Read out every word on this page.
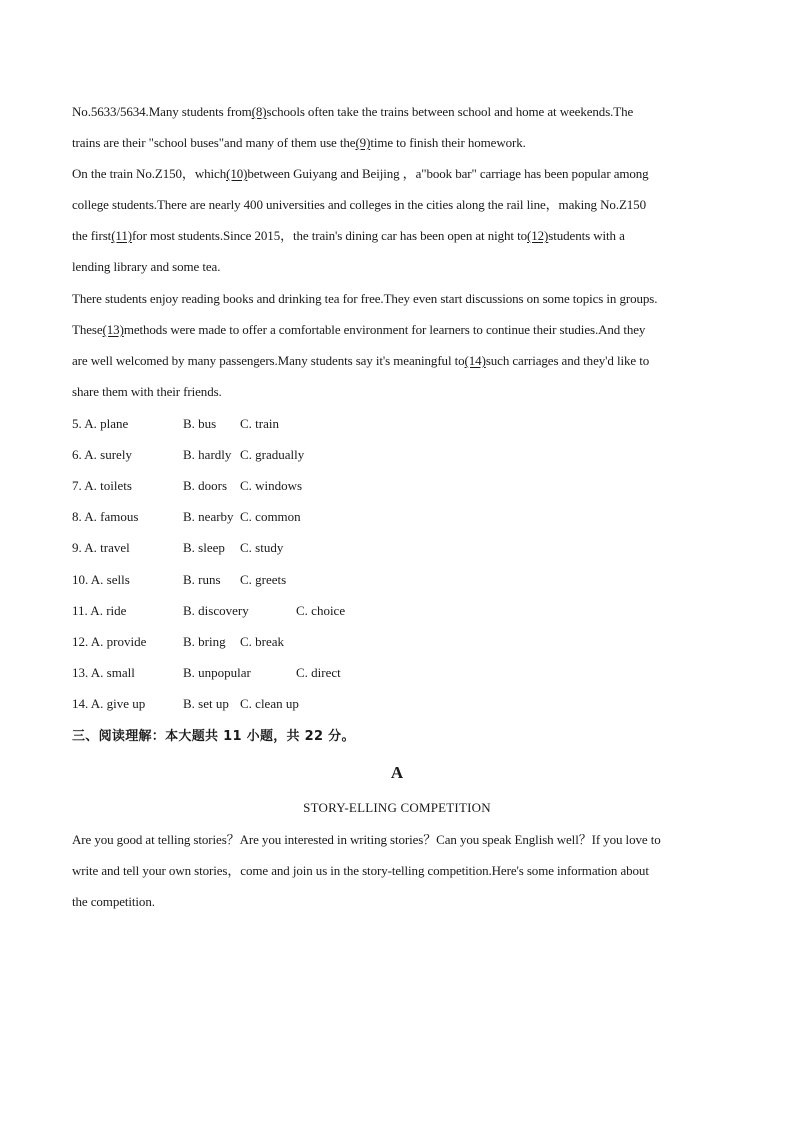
No.5633/5634.Many students from(8)schools often take the trains between school and home at weekends.The
trains are their "school buses"and many of them use the(9)time to finish their homework.
On the train No.Z150，which(10)between Guiyang and Beijing ，a"book bar" carriage has been popular among
college students.There are nearly 400 universities and colleges in the cities along the rail line，making No.Z150
the first(11)for most students.Since 2015，the train's dining car has been open at night to(12)students with a
lending library and some tea.
There students enjoy reading books and drinking tea for free.They even start discussions on some topics in groups.
These(13)methods were made to offer a comfortable environment for learners to continue their studies.And they
are well welcomed by many passengers.Many students say it's meaningful to(14)such carriages and they'd like to
share them with their friends.
5. A. plane	B. bus C. train
6. A. surely	B. hardly C. gradually
7. A. toilets	B. doors C. windows
8. A. famous	B. nearby C. common
9. A. travel	B. sleep C. study
10. A. sells	B. runs C. greets
11. A. ride	B. discovery	C. choice
12. A. provide	B. bring C. break
13. A. small	B. unpopular	C. direct
14. A. give up	B. set up C. clean up
三、阅读理解：本大题共 11 小题，共 22 分。
A
STORY-ELLING COMPETITION
Are you good at telling stories？Are you interested in writing stories？Can you speak English well？If you love to
write and tell your own stories，come and join us in the story-telling competition.Here's some information about
the competition.
